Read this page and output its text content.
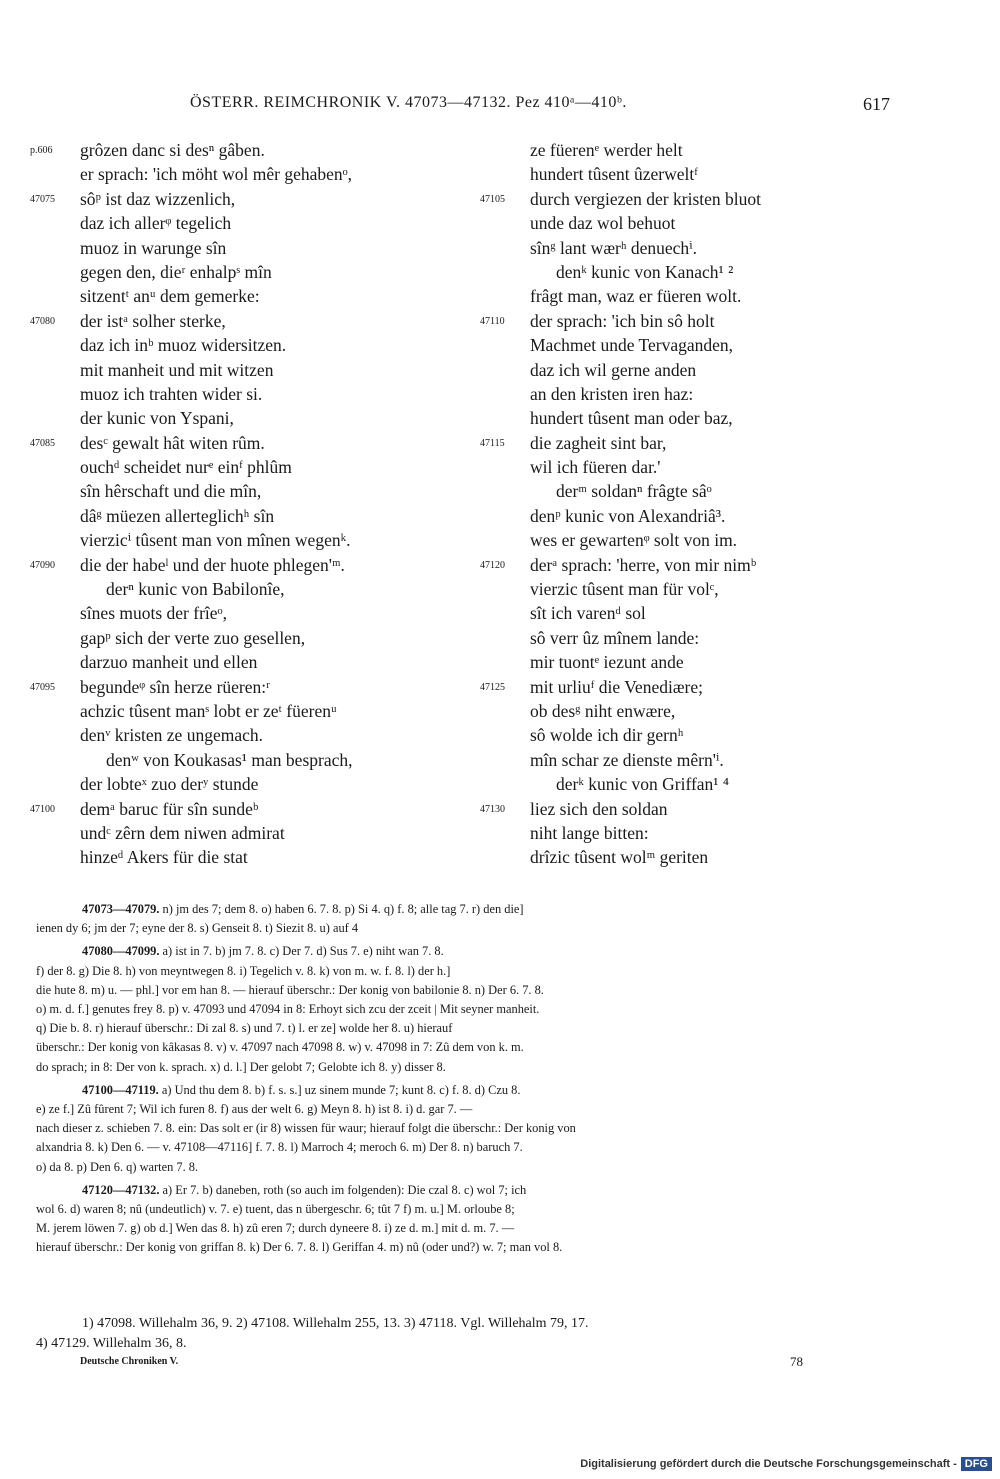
ÖSTERR. REIMCHRONIK V. 47073—47132. Pez 410ᵃ—410ᵇ.	617
p.606	grôzen danc si desⁿ gâben.
er sprach: 'ich möht wol mêr gehabenᵒ,
47075	sôᵖ ist daz wizzenlich,
daz ich allerᵠ tegelich
muoz in warunge sîn
gegen den, dieʳ enhalpˢ mîn
sitzentᵗ anᵘ dem gemerke:
47080	der istᵃ solher sterke,
daz ich inᵇ muoz widersitzen.
mit manheit und mit witzen
muoz ich trahten wider si.
der kunic von Yspani,
47085	desᶜ gewalt hât witen rûm.
ouchᵈ scheidet nurᵉ einᶠ phlûm
sîn hêrschaft und die mîn,
dâᵍ müezen allerteglichʰ sîn
vierzicⁱ tûsent man von mînen wegenᵏ.
47090	die der habeˡ und der huote phlegen'ᵐ.
derⁿ kunic von Babilonîe,
sînes muots der frîeᵒ,
gapᵖ sich der verte zuo gesellen,
darzuo manheit und ellen
47095	begundeᵠ sîn herze rüeren:ʳ
achzic tûsent manˢ lobt er zeᵗ füerenᵘ
denᵛ kristen ze ungemach.
denʷ von Koukasas¹ man besprach,
der lobteˣ zuo derʸ stunde
47100	demᵃ baruc für sîn sundeᵇ
undᶜ zêrn dem niwen admirat
hinzeᵈ Akers für die stat
ze füerenᵉ werder helt
hundert tûsent ûzerweltᶠ
47105	durch vergiezen der kristen bluot
unde daz wol behuot
sînᵍ lant wærʰ denuechⁱ.
denᵏ kunic von Kanach¹ ²
frâgt man, waz er füeren wolt.
47110	der sprach: 'ich bin sô holt
Machmet unde Tervaganden,
daz ich wil gerne anden
an den kristen iren haz:
hundert tûsent man oder baz,
47115	die zagheit sint bar,
wil ich füeren dar.'
derᵐ soldanⁿ frâgte sâᵒ
denᵖ kunic von Alexandriâ³.
wes er gewartenᵠ solt von im.
47120	derᵃ sprach: 'herre, von mir nimᵇ
vierzic tûsent man für volᶜ,
sît ich varenᵈ sol
sô verr ûz mînem lande:
mir tuontᵉ iezunt ande
47125	mit urliuᶠ die Venediære;
ob desᵍ niht enwære,
sô wolde ich dir gernʰ
mîn schar ze dienste mêrn'ⁱ.
derᵏ kunic von Griffan¹ ⁴
47130	liez sich den soldan
niht lange bitten:
drîzic tûsent wolᵐ geriten
47073—47079. n) jm des 7; dem 8. o) haben 6. 7. 8. p) Si 4. q) f. 8; alle tag 7. r) den die]
ienen dy 6; jm der 7; eyne der 8. s) Genseit 8. t) Siezit 8. u) auf 4
47080—47099. a) ist in 7. b) jm 7. 8. c) Der 7. d) Sus 7. e) niht wan 7. 8.
f) der 8. g) Die 8. h) von meyntwegen 8. i) Tegelich v. 8. k) von m. w. f. 8. l) der h.]
die hute 8. m) u. — phl.] vor em han 8. — hierauf überschr.: Der konig von babilonie 8. n) Der 6. 7. 8.
o) m. d. f.] genutes frey 8. p) v. 47093 und 47094 in 8: Erhoyt sich zcu der zceit | Mit seyner manheit.
q) Die b. 8. r) hierauf überschr.: Di zal 8. s) und 7. t) l. er ze] wolde her 8. u) hierauf
überschr.: Der konig von kâkasas 8. v) v. 47097 nach 47098 8. w) v. 47098 in 7: Zû dem von k. m.
do sprach; in 8: Der von k. sprach. x) d. l.] Der gelobt 7; Gelobte ich 8. y) disser 8.
47100—47119. a) Und thu dem 8. b) f. s. s.] uz sinem munde 7; kunt 8. c) f. 8. d) Czu 8.
e) ze f.] Zû fûrent 7; Wil ich furen 8. f) aus der welt 6. g) Meyn 8. h) ist 8. i) d. gar 7. —
nach dieser z. schieben 7. 8. ein: Das solt er (ir 8) wissen für waur; hierauf folgt die überschr.: Der konig von
alxandria 8. k) Den 6. — v. 47108—47116] f. 7. 8. l) Marroch 4; meroch 6. m) Der 8. n) baruch 7.
o) da 8. p) Den 6. q) warten 7. 8.
47120—47132. a) Er 7. b) daneben, roth (so auch im folgenden): Die czal 8. c) wol 7; ich
wol 6. d) waren 8; nû (undeutlich) v. 7. e) tuent, das n übergeschr. 6; tût 7 f) m. u.] M. orloube 8;
M. jerem löwen 7. g) ob d.] Wen das 8. h) zû eren 7; durch dyneere 8. i) ze d. m.] mit d. m. 7. —
hierauf überschr.: Der konig von griffan 8. k) Der 6. 7. 8. l) Geriffan 4. m) nû (oder und?) w. 7; man vol 8.
1) 47098. Willehalm 36, 9. 2) 47108. Willehalm 255, 13. 3) 47118. Vgl. Willehalm 79, 17.
4) 47129. Willehalm 36, 8.
Deutsche Chroniken V.	78
Digitalisierung gefördert durch die Deutsche Forschungsgemeinschaft - DFG
